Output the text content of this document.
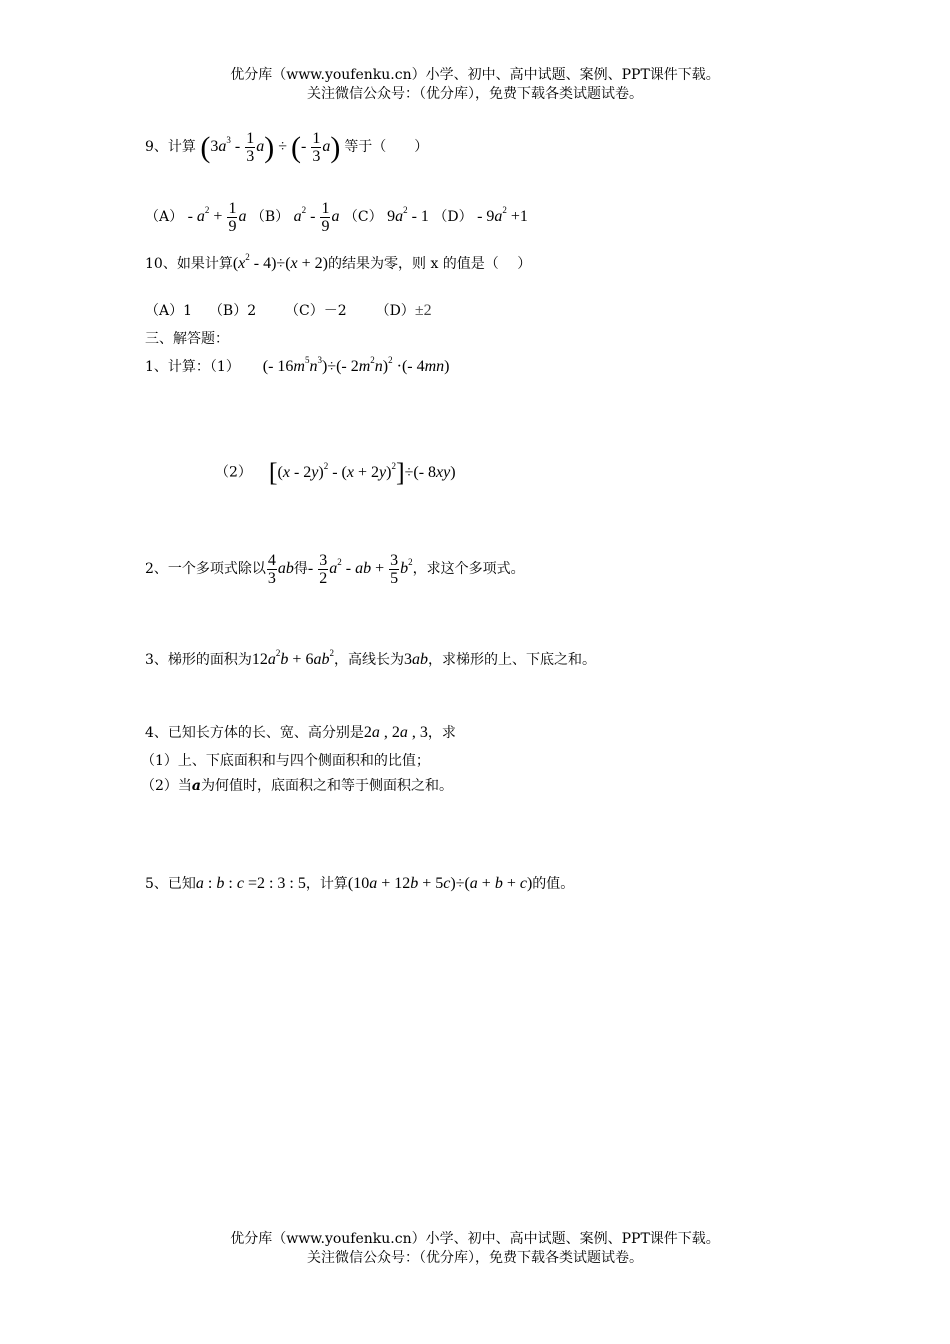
优分库（www.youfenku.cn）小学、初中、高中试题、案例、PPT课件下载。
关注微信公众号：（优分库），免费下载各类试题试卷。
9、计算 $(3a^3 - \frac{1}{3} a)$ ÷ (- $\frac{1}{3} a$) 等于（　　）
$(A) - a^2 + \frac{1}{9}$ a （B） $a^2 - \frac{1}{9}$ a （C） $9a^2 - 1$ $(D) - 9a^2 +1$
10、如果计算$(x^2 - 4)\div(x + 2)$的结果为零，则 x 的值是（　 ）
（A）1 （B）2 （C）－2 （D）±2
三、解答题：
1、计算：（1） (- $16m^5n^3)\div(-$ $2m^2n)^2$ ·(- 4mn)
（2） $[(x - 2y)^2 - (x + 2y)^2]\div(-$ 8xy)
2、一个多项式除以 $\frac{4}{3}$ ab得- $\frac{3}{2} a^2$ - ab + $\frac{3}{5} b^2$，求这个多项式。
3、梯形的面积为$12a^2b + 6ab^2$，高线长为3ab，求梯形的上、下底之和。
4、已知长方体的长、宽、高分别是2a , 2a , 3，求
（1）上、下底面积和与四个侧面积和的比值；
（2）当a为何值时，底面积之和等于侧面积之和。
5、已知a : b : c =2 : 3 : 5，计算(10a + 12b + 5c)÷(a + b + c)的值。
优分库（www.youfenku.cn）小学、初中、高中试题、案例、PPT课件下载。
关注微信公众号：（优分库），免费下载各类试题试卷。
